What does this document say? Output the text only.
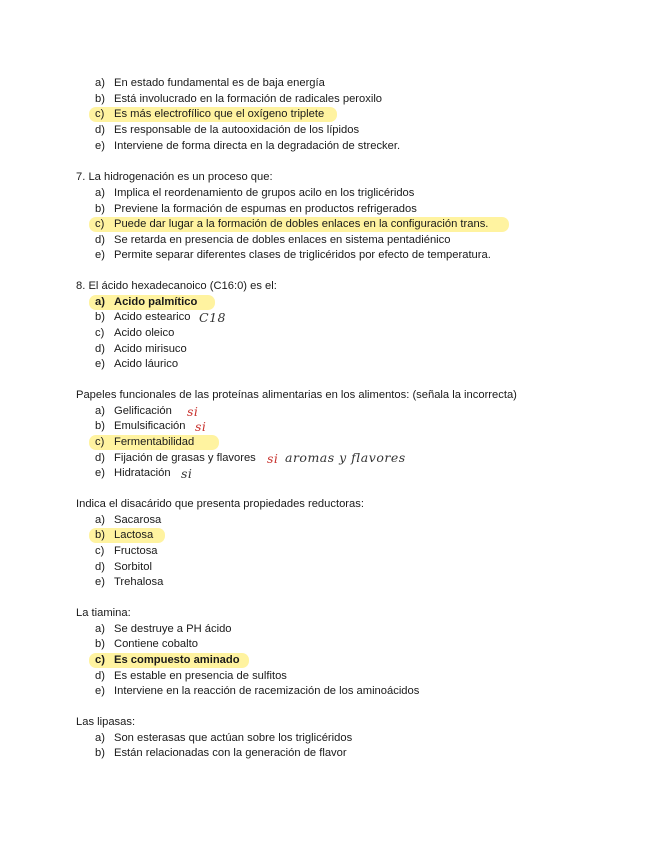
a) En estado fundamental es de baja energía
b) Está involucrado en la formación de radicales peroxilo
c) Es más electrofílico que el oxígeno triplete
d) Es responsable de la autooxidación de los lípidos
e) Interviene de forma directa en la degradación de strecker.
7. La hidrogenación es un proceso que:
a) Implica el reordenamiento de grupos acilo en los triglicéridos
b) Previene la formación de espumas en productos refrigerados
c) Puede dar lugar a la formación de dobles enlaces en la configuración trans.
d) Se retarda en presencia de dobles enlaces en sistema pentadiénico
e) Permite separar diferentes clases de triglicéridos por efecto de temperatura.
8. El ácido hexadecanoico (C16:0) es el:
a) Acido palmítico
b) Acido estearico C18
c) Acido oleico
d) Acido mirisuco
e) Acido láurico
Papeles funcionales de las proteínas alimentarias en los alimentos: (señala la incorrecta)
a) Gelificación si
b) Emulsificación si
c) Fermentabilidad
d) Fijación de grasas y flavores si aromas y flavores
e) Hidratación si
Indica el disacárido que presenta propiedades reductoras:
a) Sacarosa
b) Lactosa
c) Fructosa
d) Sorbitol
e) Trehalosa
La tiamina:
a) Se destruye a PH ácido
b) Contiene cobalto
c) Es compuesto aminado
d) Es estable en presencia de sulfitos
e) Interviene en la reacción de racemización de los aminoácidos
Las lipasas:
a) Son esterasas que actúan sobre los triglicéridos
b) Están relacionadas con la generación de flavor
